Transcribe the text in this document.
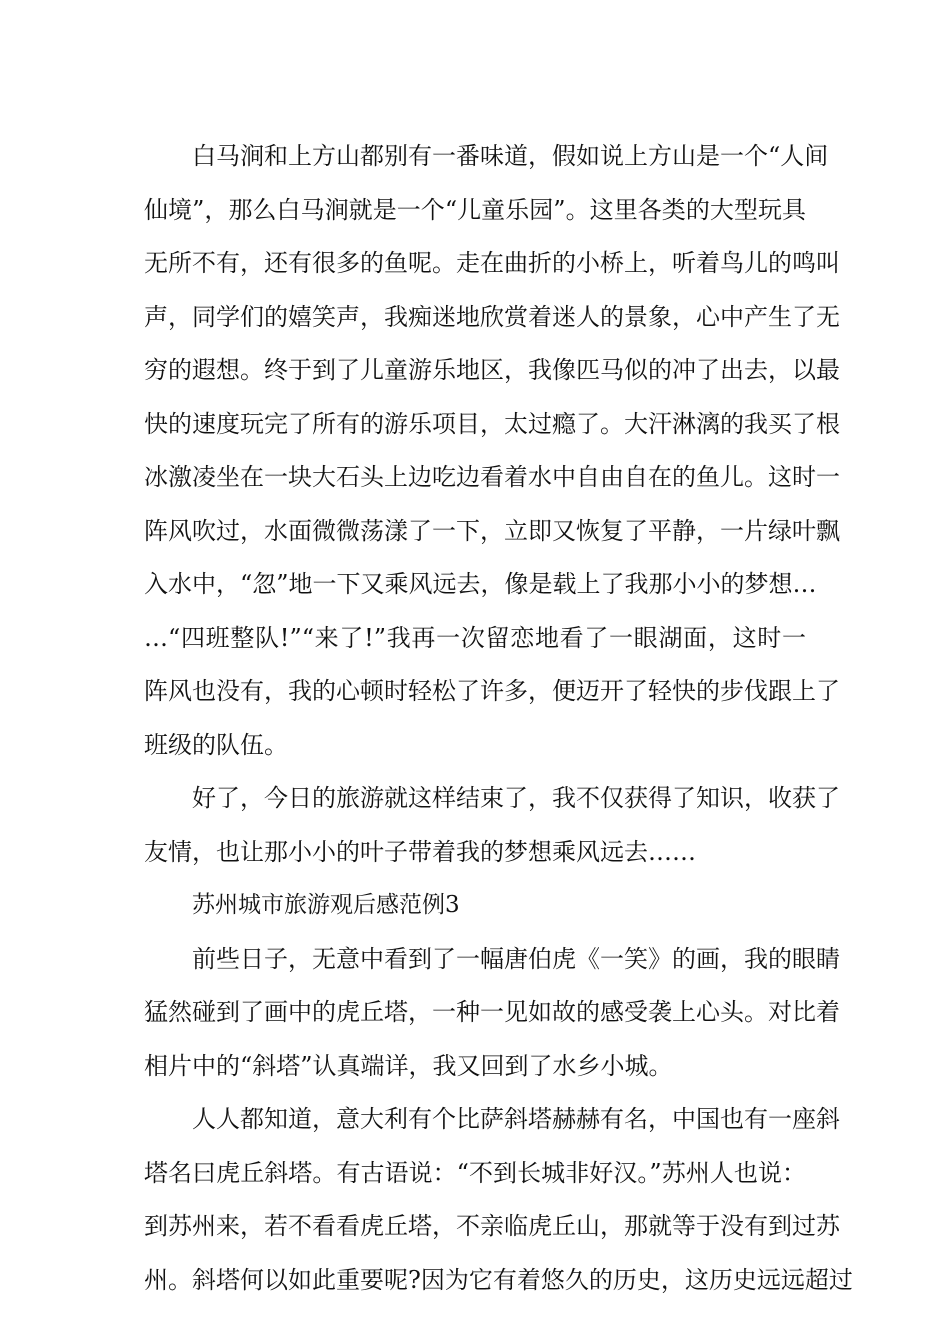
白马涧和上方山都别有一番味道，假如说上方山是一个“人间
仙境”，那么白马涧就是一个“儿童乐园”。这里各类的大型玩具
无所不有，还有很多的鱼呢。走在曲折的小桥上，听着鸟儿的鸣叫
声，同学们的嬉笑声，我痴迷地欣赏着迷人的景象，心中产生了无
穷的遐想。终于到了儿童游乐地区，我像匹马似的冲了出去，以最
快的速度玩完了所有的游乐项目，太过瘾了。大汗淋漓的我买了根
冰激凌坐在一块大石头上边吃边看着水中自由自在的鱼儿。这时一
阵风吹过，水面微微荡漾了一下，立即又恢复了平静，一片绿叶飘
入水中，“忽”地一下又乘风远去，像是载上了我那小小的梦想…
…“四班整队!”“来了!”我再一次留恋地看了一眼湖面，这时一
阵风也没有，我的心顿时轻松了许多，便迈开了轻快的步伐跟上了
班级的队伍。
好了，今日的旅游就这样结束了，我不仅获得了知识，收获了
友情，也让那小小的叶子带着我的梦想乘风远去……
苏州城市旅游观后感范例3
前些日子，无意中看到了一幅唐伯虎《一笑》的画，我的眼睛
猛然碰到了画中的虎丘塔，一种一见如故的感受袭上心头。对比着
相片中的“斜塔”认真端详，我又回到了水乡小城。
人人都知道，意大利有个比萨斜塔赫赫有名，中国也有一座斜
塔名曰虎丘斜塔。有古语说：“不到长城非好汉。”苏州人也说：
到苏州来，若不看看虎丘塔，不亲临虎丘山，那就等于没有到过苏
州。斜塔何以如此重要呢?因为它有着悠久的历史，这历史远远超过
